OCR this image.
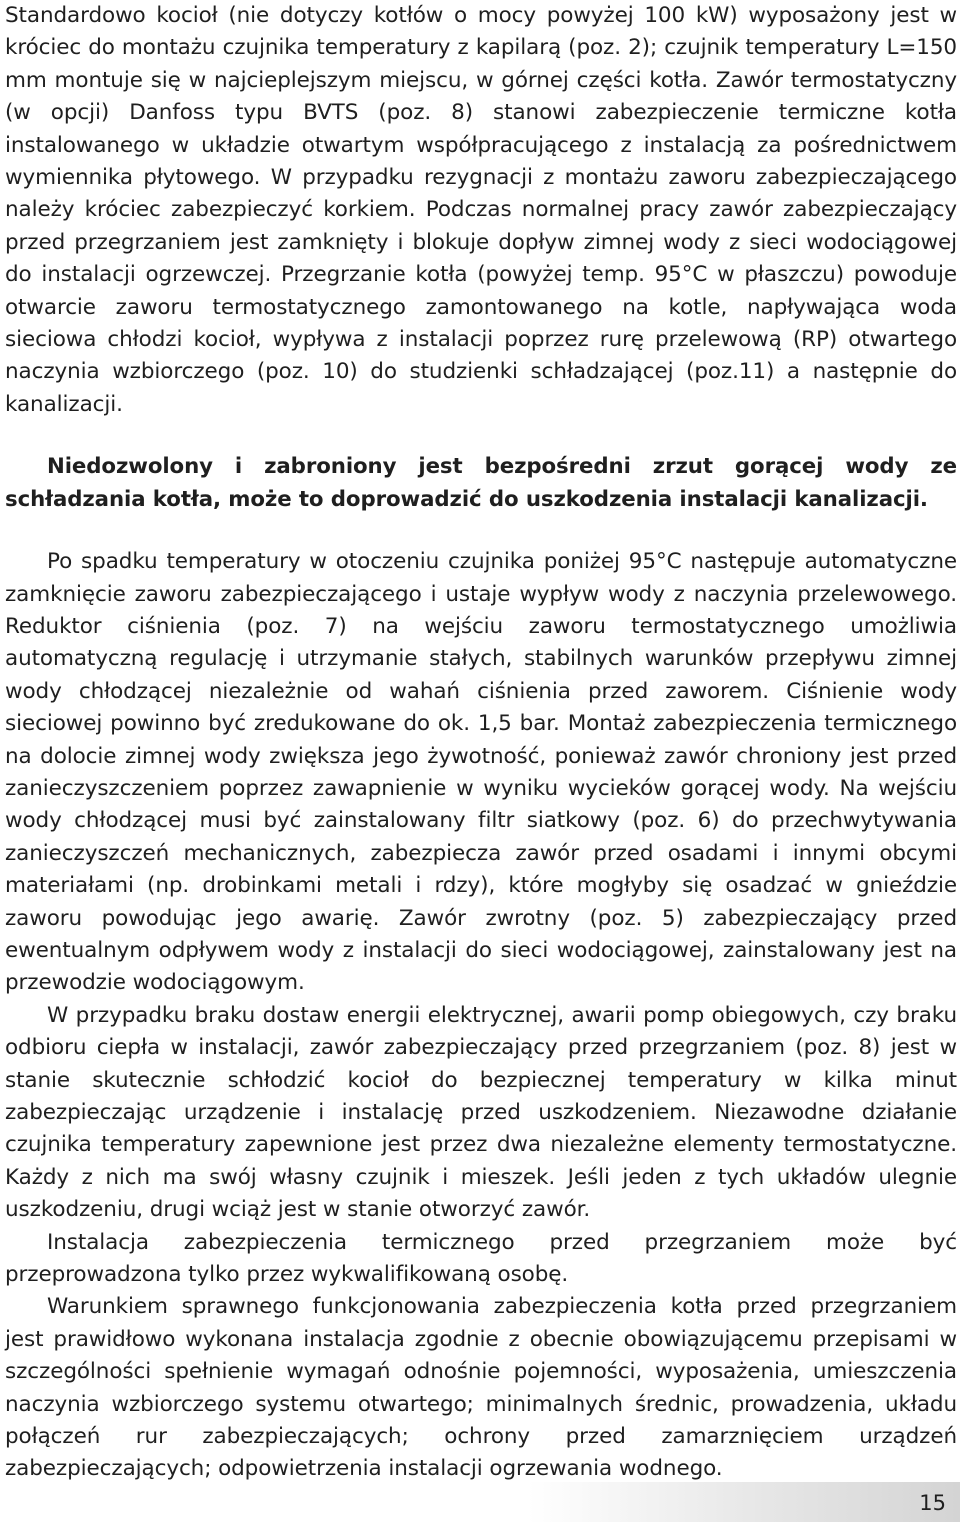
Standardowo kocioł (nie dotyczy kotłów o mocy powyżej 100 kW) wyposażony jest w króciec do montażu czujnika temperatury z kapilarą (poz. 2); czujnik temperatury L=150 mm montuje się w najcieplejszym miejscu, w górnej części kotła. Zawór termostatyczny (w opcji) Danfoss typu BVTS (poz. 8) stanowi zabezpieczenie termiczne kotła instalowanego w układzie otwartym współpracującego z instalacją za pośrednictwem wymiennika płytowego. W przypadku rezygnacji z montażu zaworu zabezpieczającego należy króciec zabezpieczyć korkiem. Podczas normalnej pracy zawór zabezpieczający przed przegrzaniem jest zamknięty i blokuje dopływ zimnej wody z sieci wodociągowej do instalacji ogrzewczej. Przegrzanie kotła (powyżej temp. 95°C w płaszczu) powoduje otwarcie zaworu termostatycznego zamontowanego na kotle, napływająca woda sieciowa chłodzi kocioł, wypływa z instalacji poprzez rurę przelewową (RP) otwartego naczynia wzbiorczego (poz. 10) do studzienki schładzającej (poz.11) a następnie do kanalizacji.

Niedozwolony i zabroniony jest bezpośredni zrzut gorącej wody ze schładzania kotła, może to doprowadzić do uszkodzenia instalacji kanalizacji.

Po spadku temperatury w otoczeniu czujnika poniżej 95°C następuje automatyczne zamknięcie zaworu zabezpieczającego i ustaje wypływ wody z naczynia przelewowego. Reduktor ciśnienia (poz. 7) na wejściu zaworu termostatycznego umożliwia automatyczną regulację i utrzymanie stałych, stabilnych warunków przepływu zimnej wody chłodzącej niezależnie od wahań ciśnienia przed zaworem. Ciśnienie wody sieciowej powinno być zredukowane do ok. 1,5 bar. Montaż zabezpieczenia termicznego na dolocie zimnej wody zwiększa jego żywotność, ponieważ zawór chroniony jest przed zanieczyszczeniem poprzez zawapnienie w wyniku wycieków gorącej wody. Na wejściu wody chłodzącej musi być zainstalowany filtr siatkowy (poz. 6) do przechwytywania zanieczyszczeń mechanicznych, zabezpiecza zawór przed osadami i innymi obcymi materiałami (np. drobinkami metali i rdzy), które mogłyby się osadzać w gnieździe zaworu powodując jego awarię. Zawór zwrotny (poz. 5) zabezpieczający przed ewentualnym odpływem wody z instalacji do sieci wodociągowej, zainstalowany jest na przewodzie wodociągowym.

W przypadku braku dostaw energii elektrycznej, awarii pomp obiegowych, czy braku odbioru ciepła w instalacji, zawór zabezpieczający przed przegrzaniem (poz. 8) jest w stanie skutecznie schłodzić kocioł do bezpiecznej temperatury w kilka minut zabezpieczając urządzenie i instalację przed uszkodzeniem. Niezawodne działanie czujnika temperatury zapewnione jest przez dwa niezależne elementy termostatyczne. Każdy z nich ma swój własny czujnik i mieszek. Jeśli jeden z tych układów ulegnie uszkodzeniu, drugi wciąż jest w stanie otworzyć zawór.

Instalacja zabezpieczenia termicznego przed przegrzaniem może być przeprowadzona tylko przez wykwalifikowaną osobę.

Warunkiem sprawnego funkcjonowania zabezpieczenia kotła przed przegrzaniem jest prawidłowo wykonana instalacja zgodnie z obecnie obowiązującemu przepisami w szczególności spełnienie wymagań odnośnie pojemności, wyposażenia, umieszczenia naczynia wzbiorczego systemu otwartego; minimalnych średnic, prowadzenia, układu połączeń rur zabezpieczających; ochrony przed zamarznięciem urządzeń zabezpieczających; odpowietrzenia instalacji ogrzewania wodnego.

15
